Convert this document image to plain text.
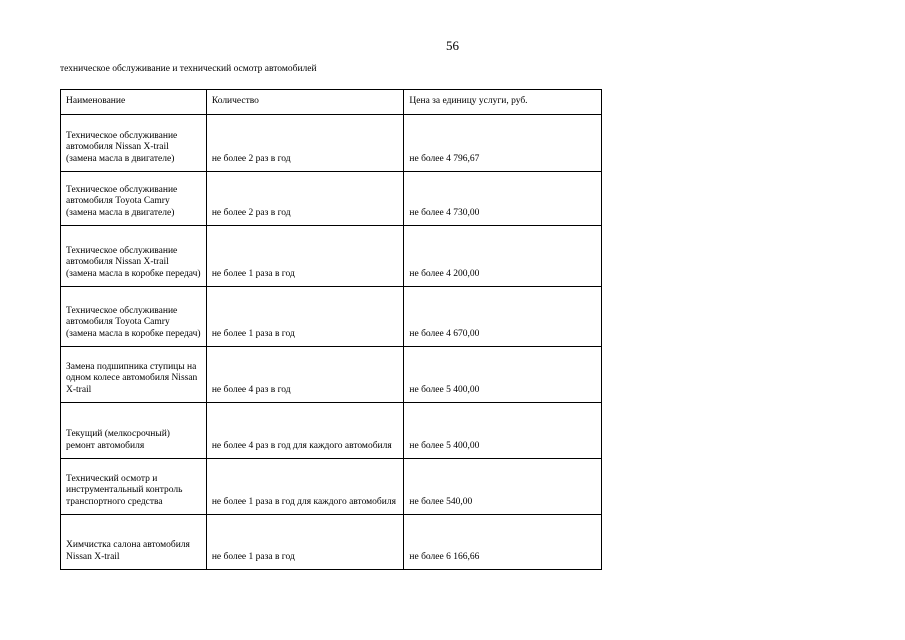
56
техническое обслуживание и технический осмотр автомобилей
Наименование	Количество	Цена за единицу услуги, руб.
Техническое обслуживание автомобиля Nissan X-trail (замена масла в двигателе)	не более 2 раз в год	не более 4 796,67
Техническое обслуживание автомобиля Toyota Camry (замена масла в двигателе)	не более 2 раз в год	не более 4 730,00
Техническое обслуживание автомобиля Nissan X-trail (замена масла в коробке передач)	не более 1 раза в год	не более 4 200,00
Техническое обслуживание автомобиля Toyota Camry (замена масла в коробке передач)	не более 1 раза в год	не более 4 670,00
Замена подшипника ступицы на одном колесе автомобиля Nissan X-trail	не более 4 раз в год	не более 5 400,00
Текущий (мелкосрочный) ремонт автомобиля	не более 4 раз в год для каждого автомобиля	не более 5 400,00
Технический осмотр и инструментальный контроль транспортного средства	не более 1 раза в год для каждого автомобиля	не более 540,00
Химчистка салона автомобиля Nissan X-trail	не более 1 раза в год	не более 6 166,66
